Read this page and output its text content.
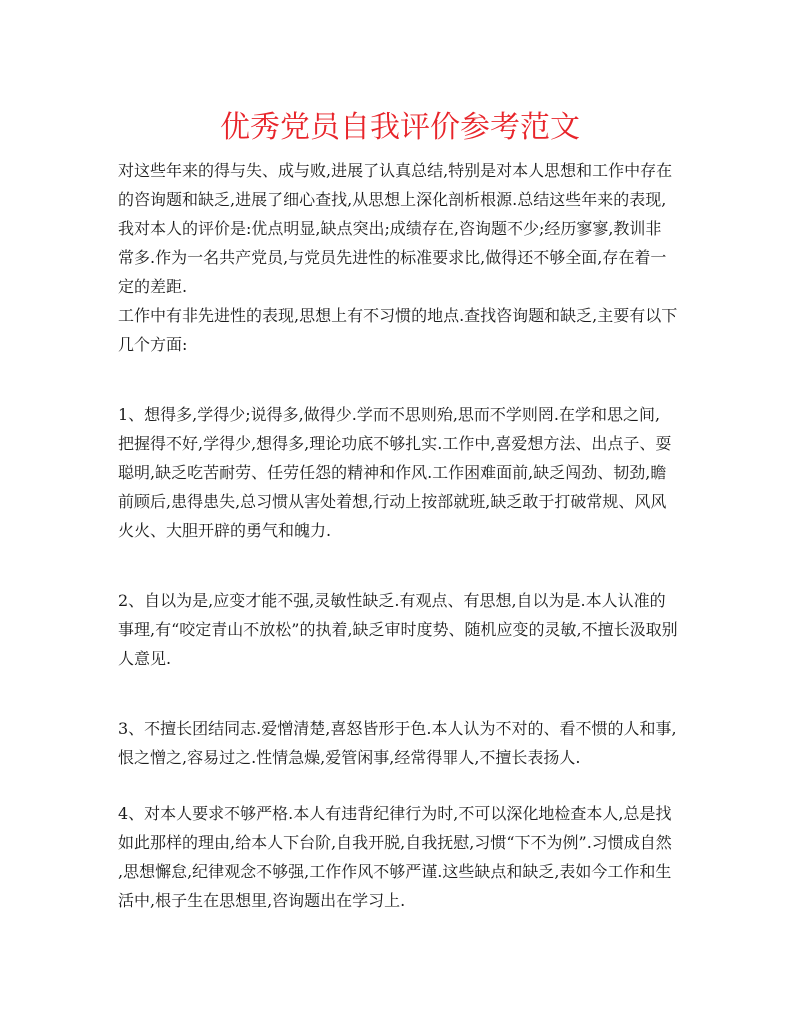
优秀党员自我评价参考范文

对这些年来的得与失、成与败,进展了认真总结,特别是对本人思想和工作中存在

的咨询题和缺乏,进展了细心查找,从思想上深化剖析根源.总结这些年来的表现,

我对本人的评价是:优点明显,缺点突出;成绩存在,咨询题不少;经历寥寥,教训非

常多.作为一名共产党员,与党员先进性的标准要求比,做得还不够全面,存在着一

定的差距.

工作中有非先进性的表现,思想上有不习惯的地点.查找咨询题和缺乏,主要有以下

几个方面:

1、想得多,学得少;说得多,做得少.学而不思则殆,思而不学则罔.在学和思之间,

把握得不好,学得少,想得多,理论功底不够扎实.工作中,喜爱想方法、出点子、耍

聪明,缺乏吃苦耐劳、任劳任怨的精神和作风.工作困难面前,缺乏闯劲、韧劲,瞻

前顾后,患得患失,总习惯从害处着想,行动上按部就班,缺乏敢于打破常规、风风

火火、大胆开辟的勇气和魄力.

2、自以为是,应变才能不强,灵敏性缺乏.有观点、有思想,自以为是.本人认准的

事理,有“咬定青山不放松”的执着,缺乏审时度势、随机应变的灵敏,不擅长汲取别

人意见.

3、不擅长团结同志.爱憎清楚,喜怒皆形于色.本人认为不对的、看不惯的人和事,

恨之憎之,容易过之.性情急燥,爱管闲事,经常得罪人,不擅长表扬人.

4、对本人要求不够严格.本人有违背纪律行为时,不可以深化地检查本人,总是找

如此那样的理由,给本人下台阶,自我开脱,自我抚慰,习惯“下不为例”.习惯成自然

,思想懈怠,纪律观念不够强,工作作风不够严谨.这些缺点和缺乏,表如今工作和生

活中,根子生在思想里,咨询题出在学习上.
